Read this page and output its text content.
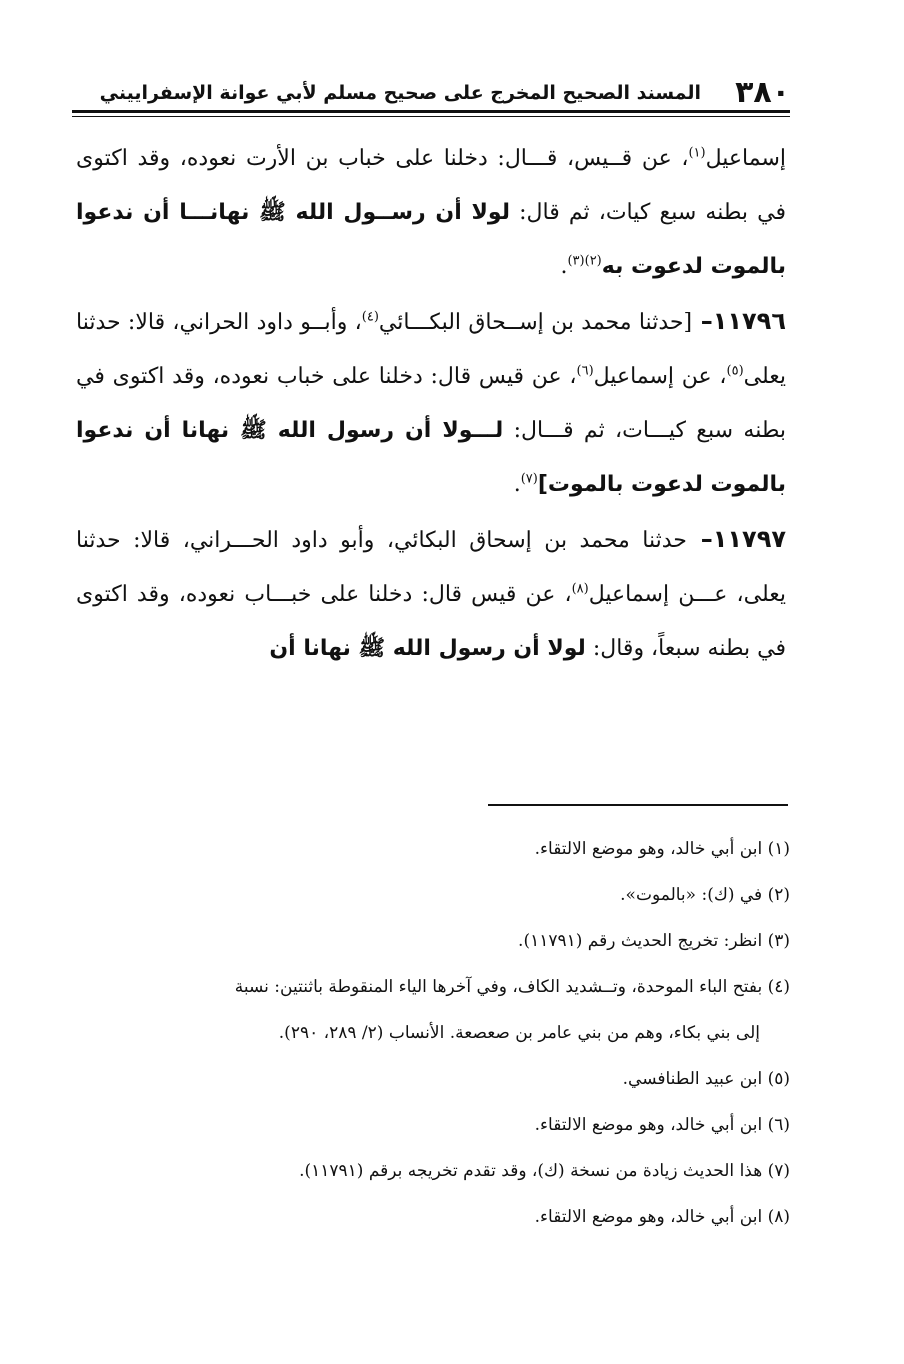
٣٨٠
المسند الصحيح المخرج على صحيح مسلم لأبي عوانة الإسفراييني

إسماعيل$^{(١)}$، عن قــيس، قـــال: دخلنا على خباب بن الأرت نعوده، وقد اكتوى في بطنه سبع كيات، ثم قال: لولا أن رســول الله ﷺ نهانـــا أن ندعوا بالموت لدعوت به$^{(٢)(٣)}$.

١١٧٩٦– [حدثنا محمد بن إســحاق البكـــائي$^{(٤)}$، وأبــو داود الحراني، قالا: حدثنا يعلى$^{(٥)}$، عن إسماعيل$^{(٦)}$، عن قيس قال: دخلنا على خباب نعوده، وقد اكتوى في بطنه سبع كيـــات، ثم قـــال: لـــولا أن رسول الله ﷺ نهانا أن ندعوا بالموت لدعوت بالموت]$^{(٧)}$.

١١٧٩٧– حدثنا محمد بن إسحاق البكائي، وأبو داود الحـــراني، قالا: حدثنا يعلى، عـــن إسماعيل$^{(٨)}$، عن قيس قال: دخلنا على خبـــاب نعوده، وقد اكتوى في بطنه سبعاً، وقال: لولا أن رسول الله ﷺ نهانا أن

(١) ابن أبي خالد، وهو موضع الالتقاء.

(٢) في (ك): «بالموت».

(٣) انظر: تخريج الحديث رقم (١١٧٩١).

(٤) بفتح الباء الموحدة، وتــشديد الكاف، وفي آخرها الياء المنقوطة باثنتين: نسبة

إلى بني بكاء، وهم من بني عامر بن صعصعة. الأنساب (٢/ ٢٨٩، ٢٩٠).

(٥) ابن عبيد الطنافسي.

(٦) ابن أبي خالد، وهو موضع الالتقاء.

(٧) هذا الحديث زيادة من نسخة (ك)، وقد تقدم تخريجه برقم (١١٧٩١).

(٨) ابن أبي خالد، وهو موضع الالتقاء.
